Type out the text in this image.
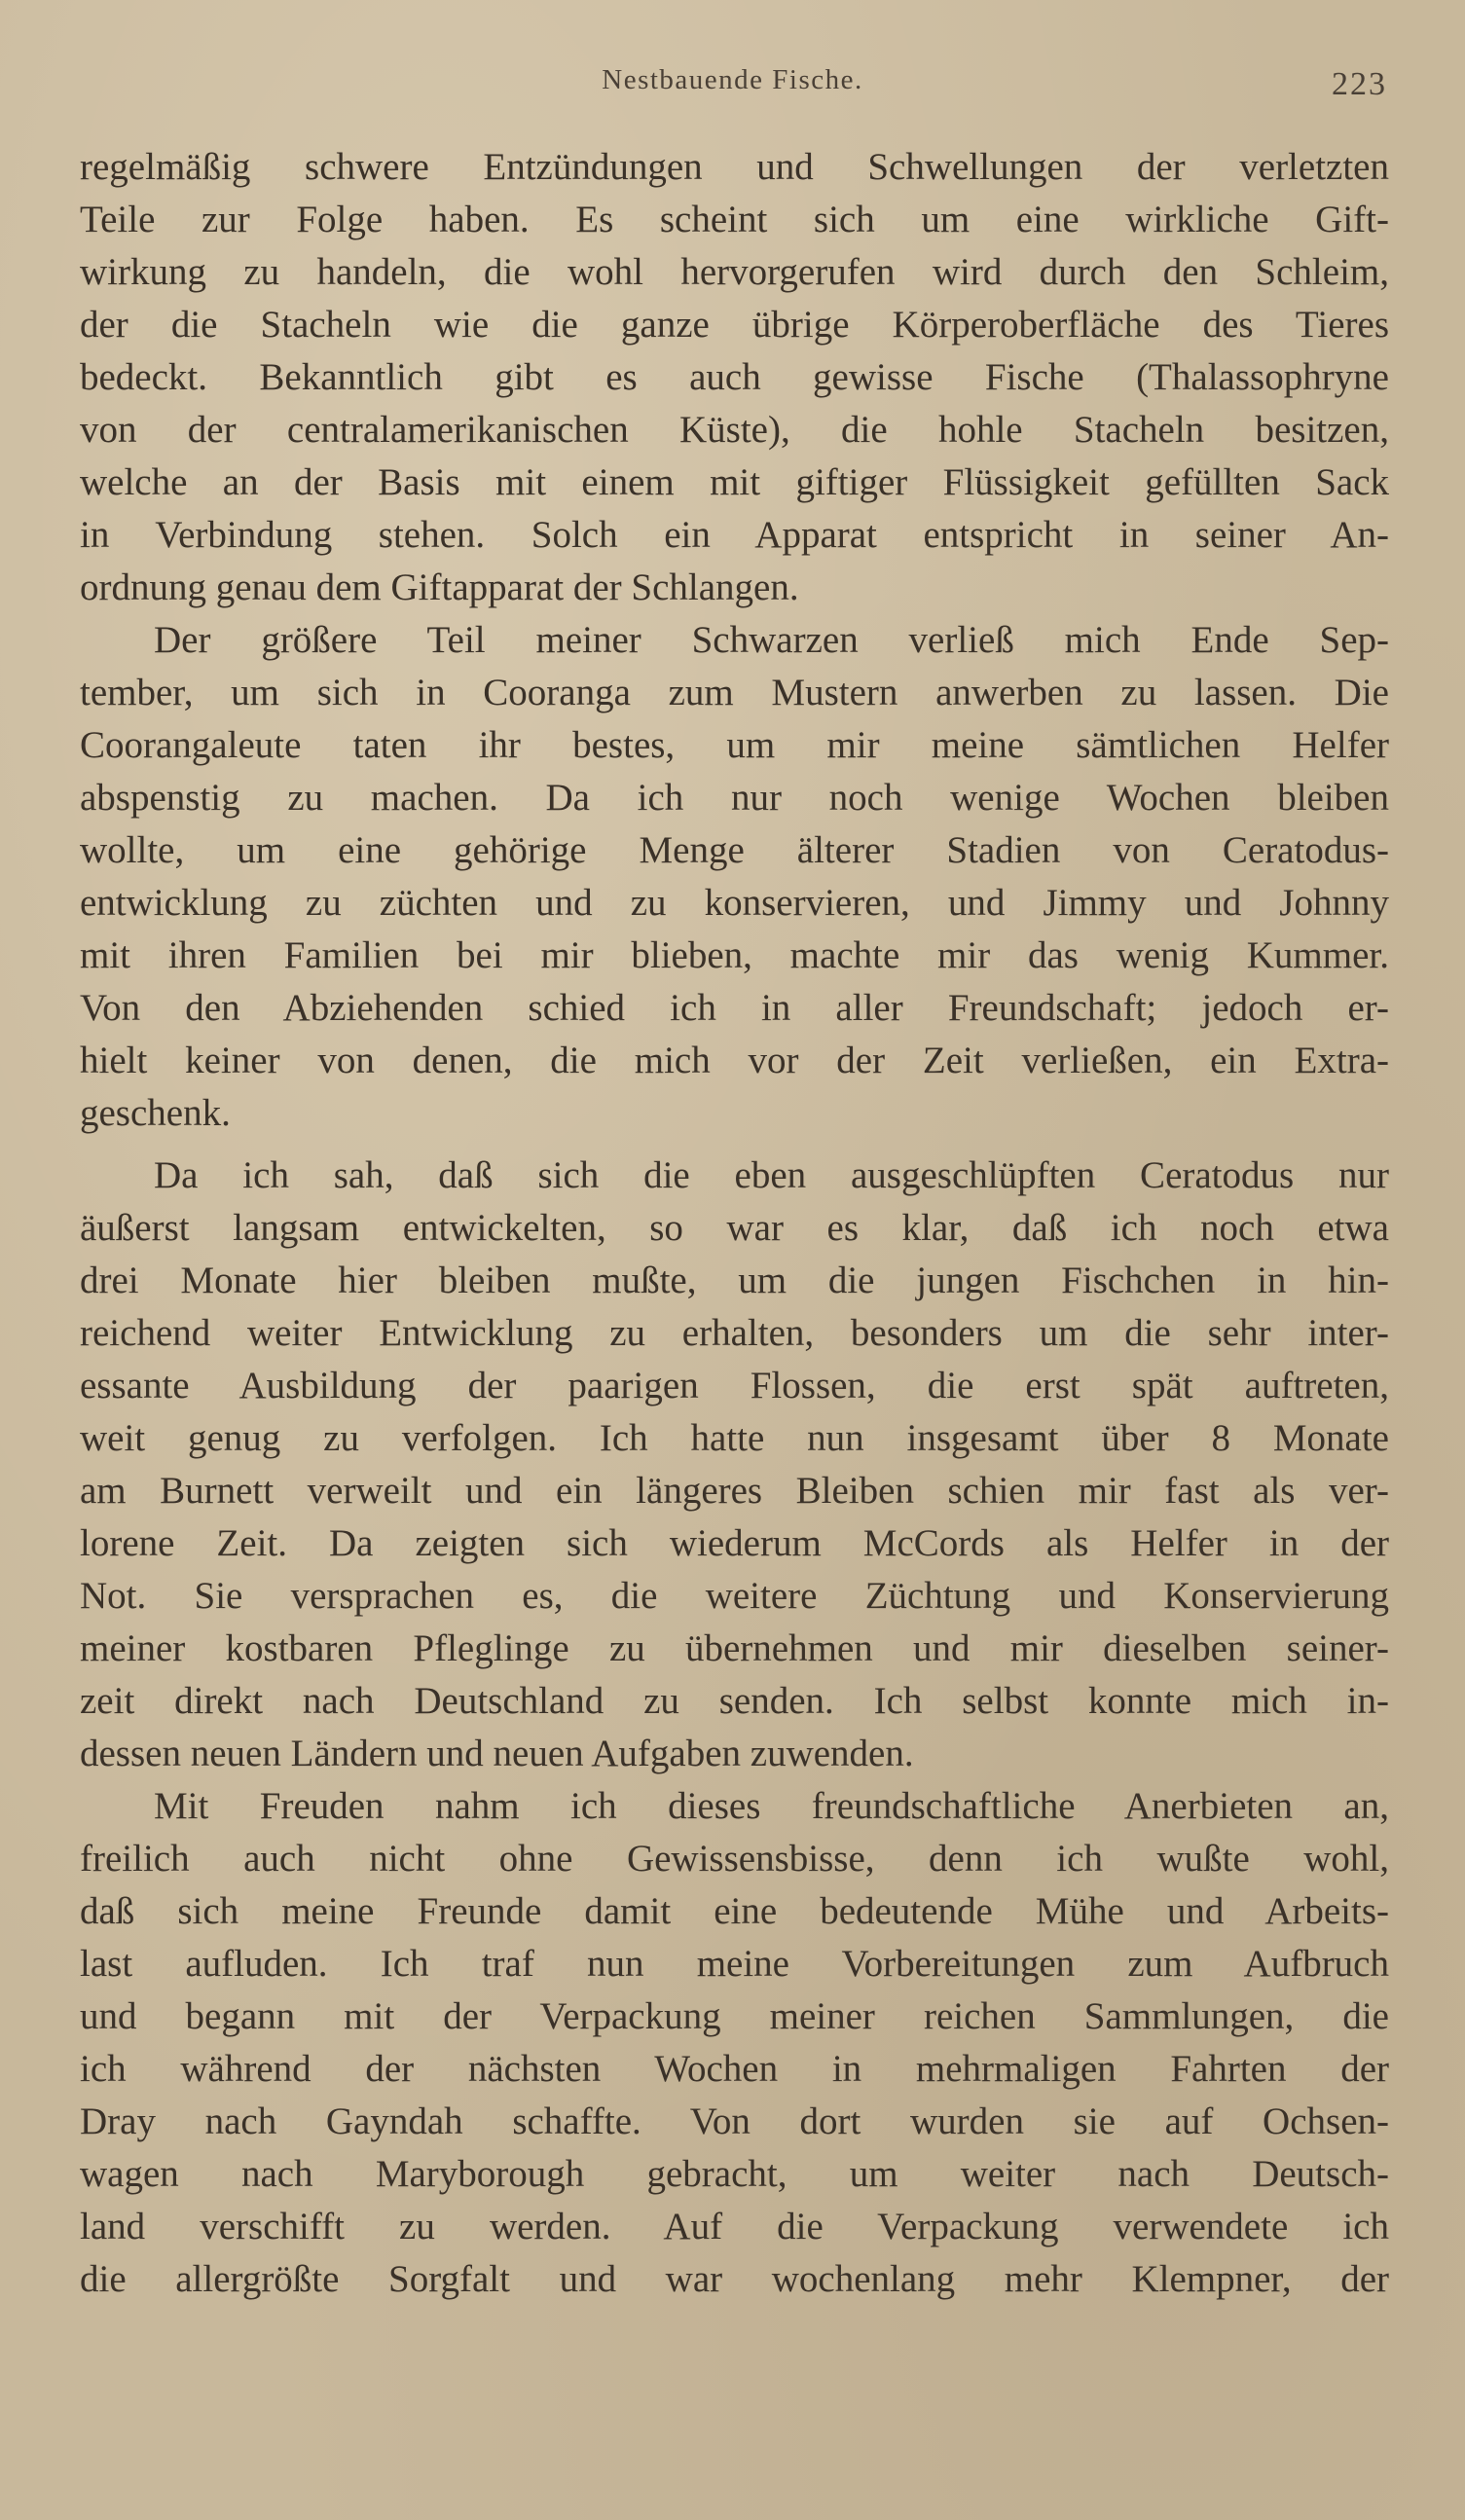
Nestbauende Fische.	223
regelmäßig schwere Entzündungen und Schwellungen der verletzten
Teile zur Folge haben. Es scheint sich um eine wirkliche Gift-
wirkung zu handeln, die wohl hervorgerufen wird durch den Schleim,
der die Stacheln wie die ganze übrige Körperoberfläche des Tieres
bedeckt. Bekanntlich gibt es auch gewisse Fische (Thalassophryne
von der centralamerikanischen Küste), die hohle Stacheln besitzen,
welche an der Basis mit einem mit giftiger Flüssigkeit gefüllten Sack
in Verbindung stehen. Solch ein Apparat entspricht in seiner An-
ordnung genau dem Giftapparat der Schlangen.
Der größere Teil meiner Schwarzen verließ mich Ende Sep-
tember, um sich in Cooranga zum Mustern anwerben zu lassen. Die
Coorangaleute taten ihr bestes, um mir meine sämtlichen Helfer
abspenstig zu machen. Da ich nur noch wenige Wochen bleiben
wollte, um eine gehörige Menge älterer Stadien von Ceratodus-
entwicklung zu züchten und zu konservieren, und Jimmy und Johnny
mit ihren Familien bei mir blieben, machte mir das wenig Kummer.
Von den Abziehenden schied ich in aller Freundschaft; jedoch er-
hielt keiner von denen, die mich vor der Zeit verließen, ein Extra-
geschenk.
Da ich sah, daß sich die eben ausgeschlüpften Ceratodus nur
äußerst langsam entwickelten, so war es klar, daß ich noch etwa
drei Monate hier bleiben mußte, um die jungen Fischchen in hin-
reichend weiter Entwicklung zu erhalten, besonders um die sehr inter-
essante Ausbildung der paarigen Flossen, die erst spät auftreten,
weit genug zu verfolgen. Ich hatte nun insgesamt über 8 Monate
am Burnett verweilt und ein längeres Bleiben schien mir fast als ver-
lorene Zeit. Da zeigten sich wiederum McCords als Helfer in der
Not. Sie versprachen es, die weitere Züchtung und Konservierung
meiner kostbaren Pfleglinge zu übernehmen und mir dieselben seiner-
zeit direkt nach Deutschland zu senden. Ich selbst konnte mich in-
dessen neuen Ländern und neuen Aufgaben zuwenden.
Mit Freuden nahm ich dieses freundschaftliche Anerbieten an,
freilich auch nicht ohne Gewissensbisse, denn ich wußte wohl,
daß sich meine Freunde damit eine bedeutende Mühe und Arbeits-
last aufluden. Ich traf nun meine Vorbereitungen zum Aufbruch
und begann mit der Verpackung meiner reichen Sammlungen, die
ich während der nächsten Wochen in mehrmaligen Fahrten der
Dray nach Gayndah schaffte. Von dort wurden sie auf Ochsen-
wagen nach Maryborough gebracht, um weiter nach Deutsch-
land verschifft zu werden. Auf die Verpackung verwendete ich
die allergrößte Sorgfalt und war wochenlang mehr Klempner, der
